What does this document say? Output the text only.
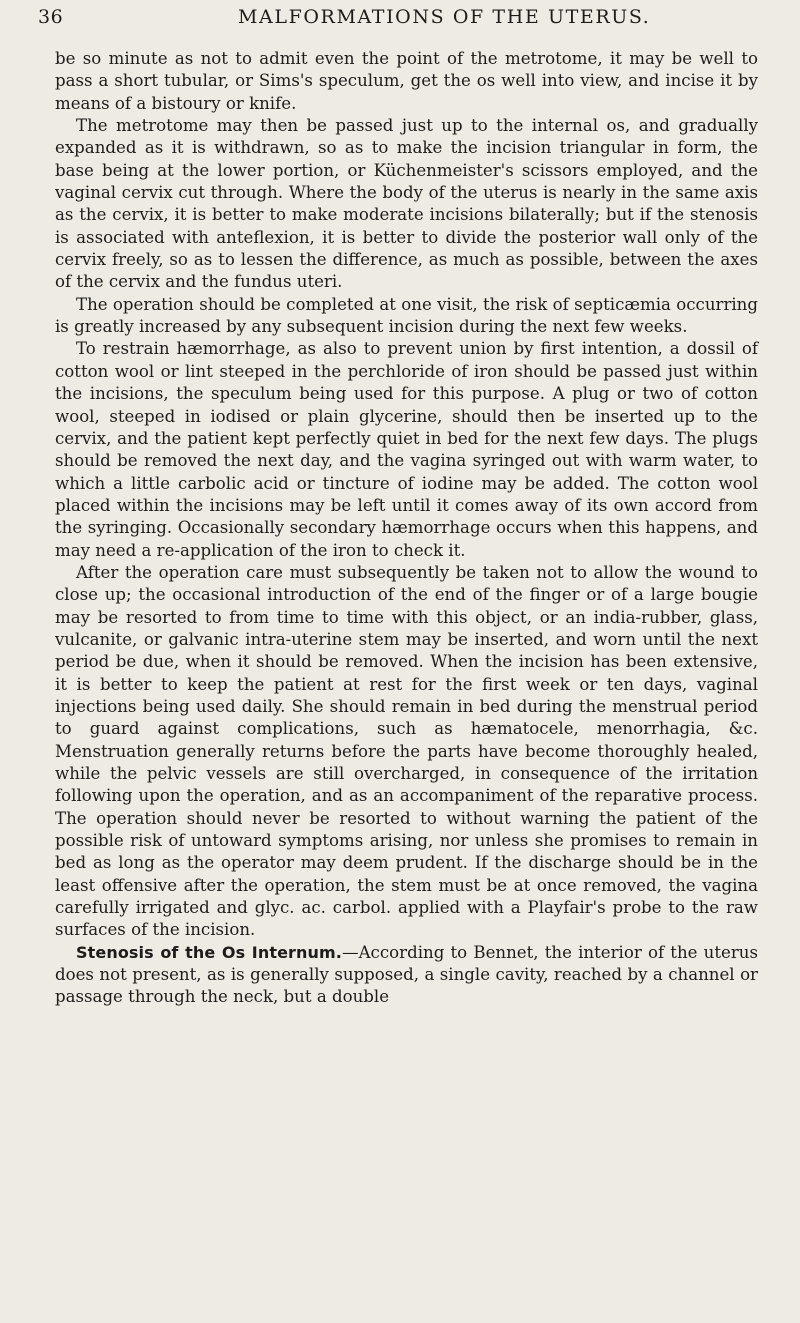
36	MALFORMATIONS OF THE UTERUS.

be so minute as not to admit even the point of the metrotome, it may be well to pass a short tubular, or Sims's speculum, get the os well into view, and incise it by means of a bistoury or knife.

The metrotome may then be passed just up to the internal os, and gradually expanded as it is withdrawn, so as to make the incision triangular in form, the base being at the lower portion, or Küchenmeister's scissors employed, and the vaginal cervix cut through. Where the body of the uterus is nearly in the same axis as the cervix, it is better to make moderate incisions bilaterally; but if the stenosis is associated with anteflexion, it is better to divide the posterior wall only of the cervix freely, so as to lessen the difference, as much as possible, between the axes of the cervix and the fundus uteri.

The operation should be completed at one visit, the risk of septicæmia occurring is greatly increased by any subsequent incision during the next few weeks.

To restrain hæmorrhage, as also to prevent union by first intention, a dossil of cotton wool or lint steeped in the perchloride of iron should be passed just within the incisions, the speculum being used for this purpose. A plug or two of cotton wool, steeped in iodised or plain glycerine, should then be inserted up to the cervix, and the patient kept perfectly quiet in bed for the next few days. The plugs should be removed the next day, and the vagina syringed out with warm water, to which a little carbolic acid or tincture of iodine may be added. The cotton wool placed within the incisions may be left until it comes away of its own accord from the syringing. Occasionally secondary hæmorrhage occurs when this happens, and may need a re-application of the iron to check it.

After the operation care must subsequently be taken not to allow the wound to close up; the occasional introduction of the end of the finger or of a large bougie may be resorted to from time to time with this object, or an india-rubber, glass, vulcanite, or galvanic intra-uterine stem may be inserted, and worn until the next period be due, when it should be removed. When the incision has been extensive, it is better to keep the patient at rest for the first week or ten days, vaginal injections being used daily. She should remain in bed during the menstrual period to guard against complications, such as hæmatocele, menorrhagia, &c. Menstruation generally returns before the parts have become thoroughly healed, while the pelvic vessels are still overcharged, in consequence of the irritation following upon the operation, and as an accompaniment of the reparative process. The operation should never be resorted to without warning the patient of the possible risk of untoward symptoms arising, nor unless she promises to remain in bed as long as the operator may deem prudent. If the discharge should be in the least offensive after the operation, the stem must be at once removed, the vagina carefully irrigated and glyc. ac. carbol. applied with a Playfair's probe to the raw surfaces of the incision.

Stenosis of the Os Internum.—According to Bennet, the interior of the uterus does not present, as is generally supposed, a single cavity, reached by a channel or passage through the neck, but a double
